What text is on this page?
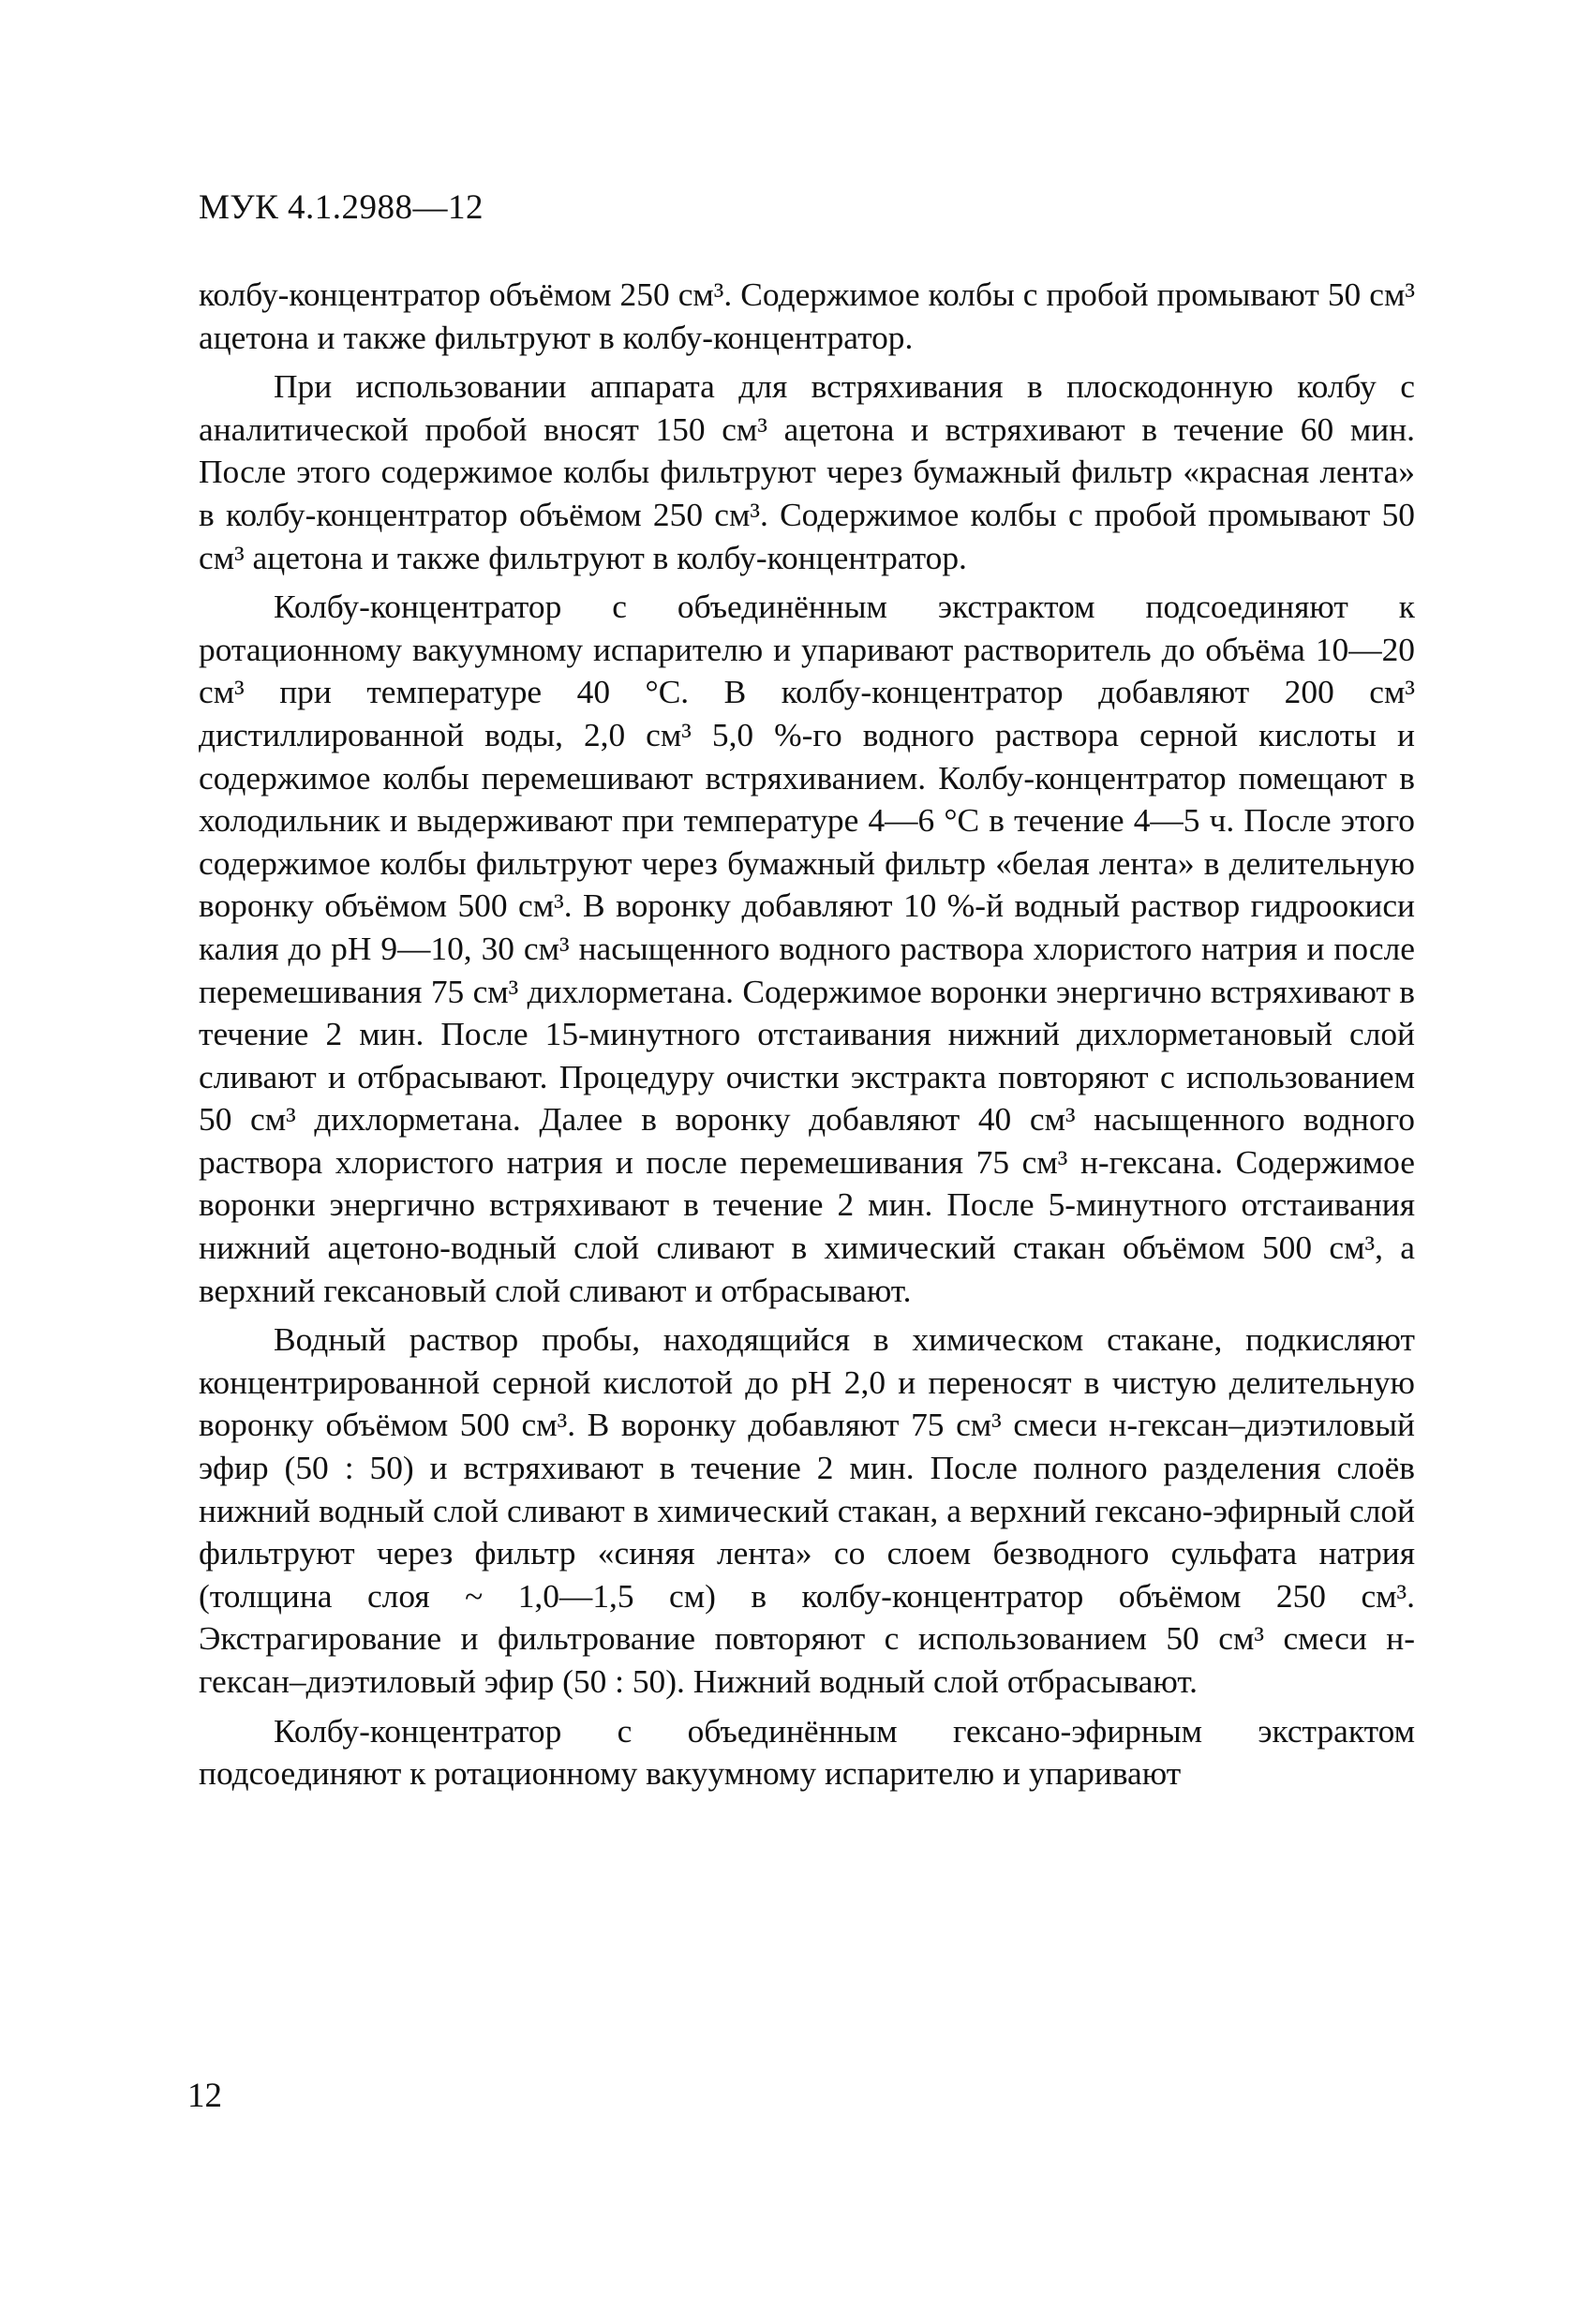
МУК 4.1.2988—12

колбу-концентратор объёмом 250 см³. Содержимое колбы с пробой промывают 50 см³ ацетона и также фильтруют в колбу-концентратор.

При использовании аппарата для встряхивания в плоскодонную колбу с аналитической пробой вносят 150 см³ ацетона и встряхивают в течение 60 мин. После этого содержимое колбы фильтруют через бумажный фильтр «красная лента» в колбу-концентратор объёмом 250 см³. Содержимое колбы с пробой промывают 50 см³ ацетона и также фильтруют в колбу-концентратор.

Колбу-концентратор с объединённым экстрактом подсоединяют к ротационному вакуумному испарителю и упаривают растворитель до объёма 10—20 см³ при температуре 40 °С. В колбу-концентратор добавляют 200 см³ дистиллированной воды, 2,0 см³ 5,0 %-го водного раствора серной кислоты и содержимое колбы перемешивают встряхиванием. Колбу-концентратор помещают в холодильник и выдерживают при температуре 4—6 °С в течение 4—5 ч. После этого содержимое колбы фильтруют через бумажный фильтр «белая лента» в делительную воронку объёмом 500 см³. В воронку добавляют 10 %-й водный раствор гидроокиси калия до рН 9—10, 30 см³ насыщенного водного раствора хлористого натрия и после перемешивания 75 см³ дихлорметана. Содержимое воронки энергично встряхивают в течение 2 мин. После 15-минутного отстаивания нижний дихлорметановый слой сливают и отбрасывают. Процедуру очистки экстракта повторяют с использованием 50 см³ дихлорметана. Далее в воронку добавляют 40 см³ насыщенного водного раствора хлористого натрия и после перемешивания 75 см³ н-гексана. Содержимое воронки энергично встряхивают в течение 2 мин. После 5-минутного отстаивания нижний ацетоно-водный слой сливают в химический стакан объёмом 500 см³, а верхний гексановый слой сливают и отбрасывают.

Водный раствор пробы, находящийся в химическом стакане, подкисляют концентрированной серной кислотой до рН 2,0 и переносят в чистую делительную воронку объёмом 500 см³. В воронку добавляют 75 см³ смеси н-гексан–диэтиловый эфир (50 : 50) и встряхивают в течение 2 мин. После полного разделения слоёв нижний водный слой сливают в химический стакан, а верхний гексано-эфирный слой фильтруют через фильтр «синяя лента» со слоем безводного сульфата натрия (толщина слоя ~ 1,0—1,5 см) в колбу-концентратор объёмом 250 см³. Экстрагирование и фильтрование повторяют с использованием 50 см³ смеси н-гексан–диэтиловый эфир (50 : 50). Нижний водный слой отбрасывают.

Колбу-концентратор с объединённым гексано-эфирным экстрактом подсоединяют к ротационному вакуумному испарителю и упаривают

12
